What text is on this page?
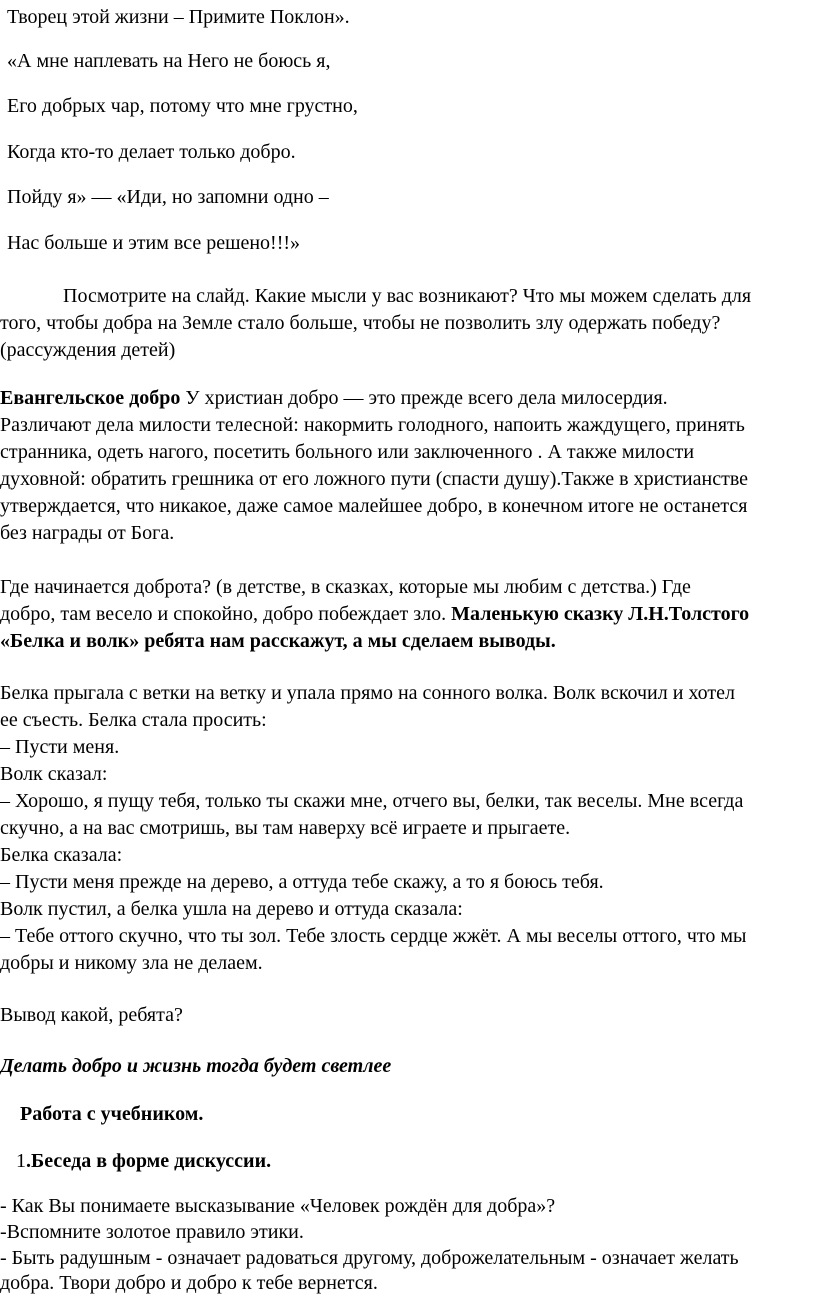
Творец этой жизни – Примите Поклон».
«А мне наплевать на Него не боюсь я,
Его добрых чар, потому что мне грустно,
Когда кто-то делает только добро.
Пойду я» — «Иди, но запомни одно –
Нас больше и этим все решено!!!»
Посмотрите на слайд. Какие мысли у вас возникают? Что мы можем сделать для
того, чтобы добра на Земле стало больше, чтобы не позволить злу одержать победу?
(рассуждения детей)
Евангельское добро У христиан добро — это прежде всего дела милосердия.
Различают дела милости телесной: накормить голодного, напоить жаждущего, принять
странника, одеть нагого, посетить больного или заключенного . А также милости
духовной: обратить грешника от его ложного пути (спасти душу).Также в христианстве
утверждается, что никакое, даже самое малейшее добро, в конечном итоге не останется
без награды от Бога.
Где начинается доброта? (в детстве, в сказках, которые мы любим с детства.) Где
добро, там весело и спокойно, добро побеждает зло. Маленькую сказку Л.Н.Толстого
«Белка и волк» ребята нам расскажут, а мы сделаем выводы.
Белка прыгала с ветки на ветку и упала прямо на сонного волка. Волк вскочил и хотел
ее съесть. Белка стала просить:
– Пусти меня.
Волк сказал:
– Хорошо, я пущу тебя, только ты скажи мне, отчего вы, белки, так веселы. Мне всегда
скучно, а на вас смотришь, вы там наверху всё играете и прыгаете.
Белка сказала:
– Пусти меня прежде на дерево, а оттуда тебе скажу, а то я боюсь тебя.
Волк пустил, а белка ушла на дерево и оттуда сказала:
– Тебе оттого скучно, что ты зол. Тебе злость сердце жжёт. А мы веселы оттого, что мы
добры и никому зла не делаем.
Вывод какой, ребята?
Делать добро и жизнь тогда будет светлее
Работа с учебником.
1.Беседа в форме дискуссии.
- Как Вы понимаете высказывание «Человек рождён для добра»?
-Вспомните золотое правило этики.
- Быть радушным - означает радоваться другому, доброжелательным - означает желать
добра. Твори добро и добро к тебе вернется.
